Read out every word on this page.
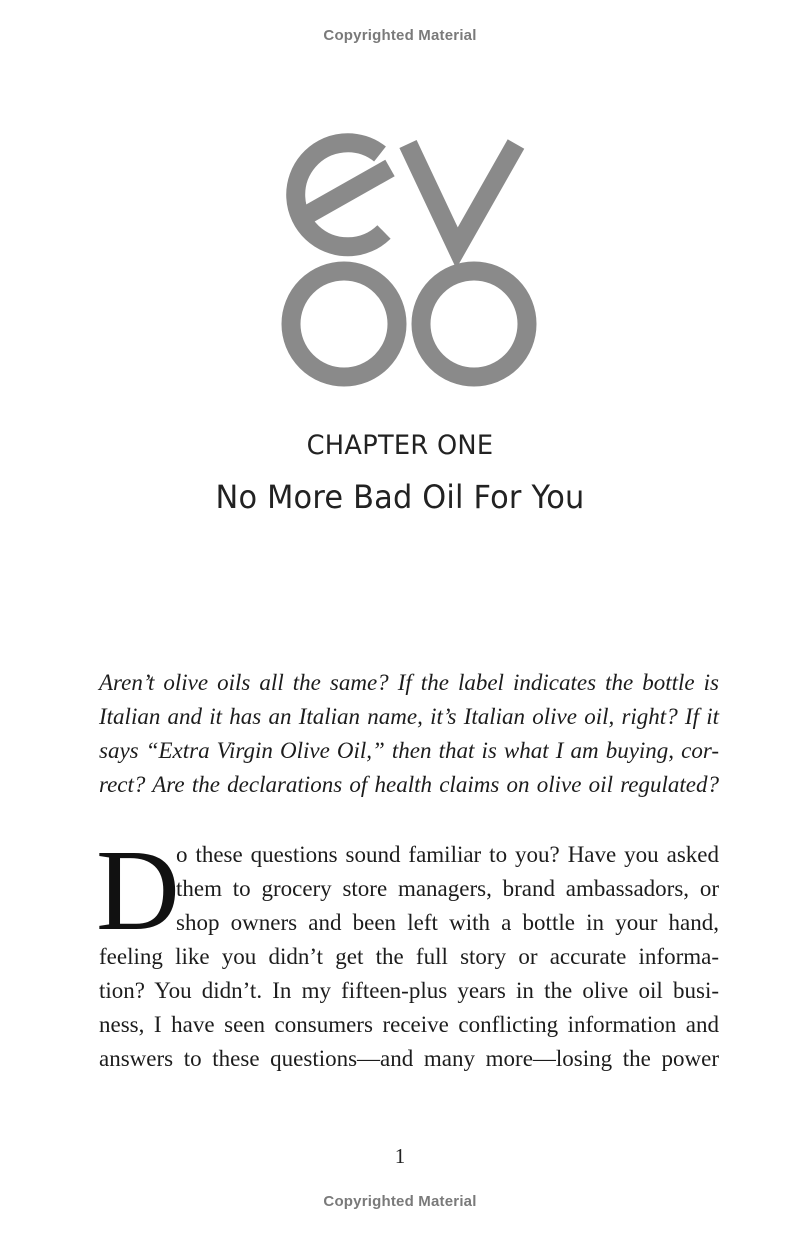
Copyrighted Material
CHAPTER ONE
No More Bad Oil For You
Aren’t olive oils all the same? If the label indicates the bottle is
Italian and it has an Italian name, it’s Italian olive oil, right? If it
says “Extra Virgin Olive Oil,” then that is what I am buying, cor-
rect? Are the declarations of health claims on olive oil regulated?
D
o these questions sound familiar to you? Have you asked
them to grocery store managers, brand ambassadors, or
shop owners and been left with a bottle in your hand,
feeling like you didn’t get the full story or accurate informa-
tion? You didn’t. In my fifteen-plus years in the olive oil busi-
ness, I have seen consumers receive conflicting information and
answers to these questions—and many more—losing the power
1
Copyrighted Material
